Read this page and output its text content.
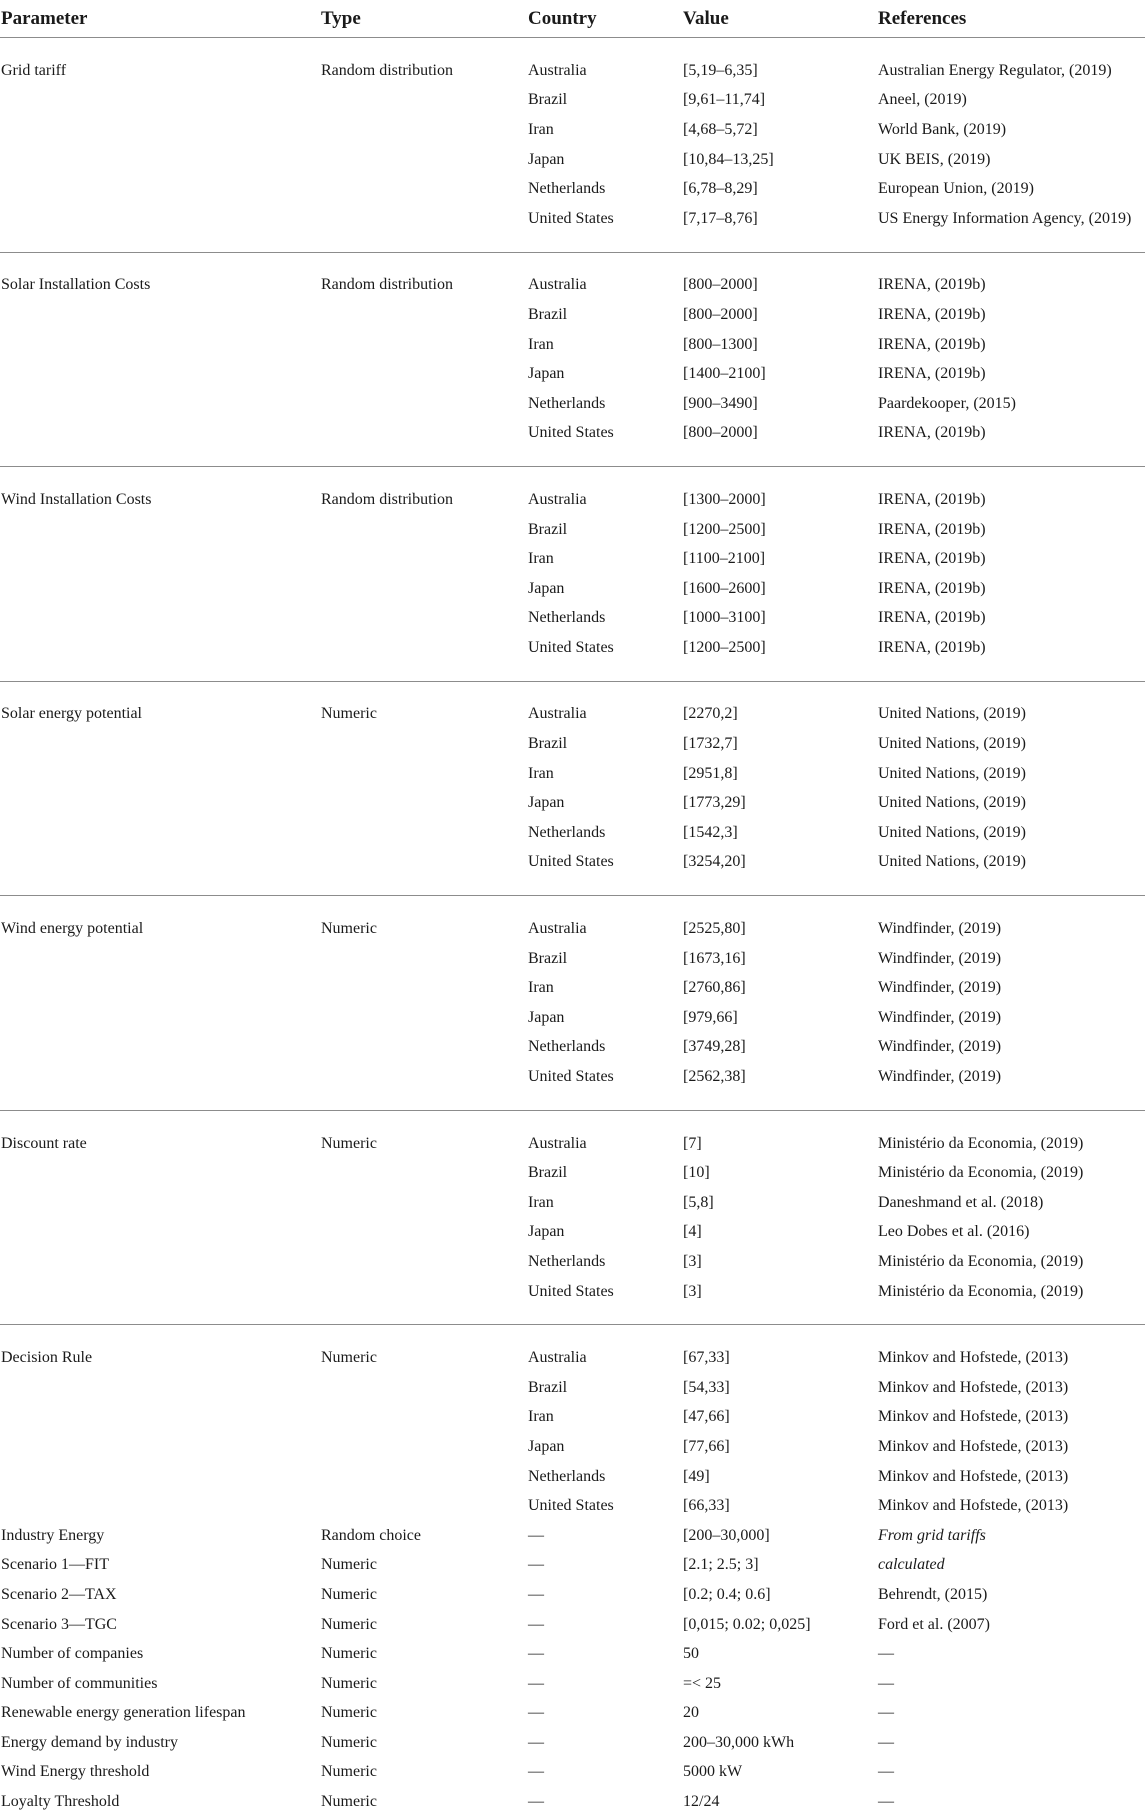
Parameter	Type	Country	Value	References
Grid tariff	Random distribution	Australia	[5,19–6,35]	Australian Energy Regulator, (2019)
		Brazil	[9,61–11,74]	Aneel, (2019)
		Iran	[4,68–5,72]	World Bank, (2019)
		Japan	[10,84–13,25]	UK BEIS, (2019)
		Netherlands	[6,78–8,29]	European Union, (2019)
		United States	[7,17–8,76]	US Energy Information Agency, (2019)
Solar Installation Costs	Random distribution	Australia	[800–2000]	IRENA, (2019b)
		Brazil	[800–2000]	IRENA, (2019b)
		Iran	[800–1300]	IRENA, (2019b)
		Japan	[1400–2100]	IRENA, (2019b)
		Netherlands	[900–3490]	Paardekooper, (2015)
		United States	[800–2000]	IRENA, (2019b)
Wind Installation Costs	Random distribution	Australia	[1300–2000]	IRENA, (2019b)
		Brazil	[1200–2500]	IRENA, (2019b)
		Iran	[1100–2100]	IRENA, (2019b)
		Japan	[1600–2600]	IRENA, (2019b)
		Netherlands	[1000–3100]	IRENA, (2019b)
		United States	[1200–2500]	IRENA, (2019b)
Solar energy potential	Numeric	Australia	[2270,2]	United Nations, (2019)
		Brazil	[1732,7]	United Nations, (2019)
		Iran	[2951,8]	United Nations, (2019)
		Japan	[1773,29]	United Nations, (2019)
		Netherlands	[1542,3]	United Nations, (2019)
		United States	[3254,20]	United Nations, (2019)
Wind energy potential	Numeric	Australia	[2525,80]	Windfinder, (2019)
		Brazil	[1673,16]	Windfinder, (2019)
		Iran	[2760,86]	Windfinder, (2019)
		Japan	[979,66]	Windfinder, (2019)
		Netherlands	[3749,28]	Windfinder, (2019)
		United States	[2562,38]	Windfinder, (2019)
Discount rate	Numeric	Australia	[7]	Ministério da Economia, (2019)
		Brazil	[10]	Ministério da Economia, (2019)
		Iran	[5,8]	Daneshmand et al. (2018)
		Japan	[4]	Leo Dobes et al. (2016)
		Netherlands	[3]	Ministério da Economia, (2019)
		United States	[3]	Ministério da Economia, (2019)
Decision Rule	Numeric	Australia	[67,33]	Minkov and Hofstede, (2013)
		Brazil	[54,33]	Minkov and Hofstede, (2013)
		Iran	[47,66]	Minkov and Hofstede, (2013)
		Japan	[77,66]	Minkov and Hofstede, (2013)
		Netherlands	[49]	Minkov and Hofstede, (2013)
		United States	[66,33]	Minkov and Hofstede, (2013)
Industry Energy	Random choice	—	[200–30,000]	From grid tariffs
Scenario 1—FIT	Numeric	—	[2.1; 2.5; 3]	calculated
Scenario 2—TAX	Numeric	—	[0.2; 0.4; 0.6]	Behrendt, (2015)
Scenario 3—TGC	Numeric	—	[0,015; 0.02; 0,025]	Ford et al. (2007)
Number of companies	Numeric	—	50	—
Number of communities	Numeric	—	=< 25	—
Renewable energy generation lifespan	Numeric	—	20	—
Energy demand by industry	Numeric	—	200–30,000 kWh	—
Wind Energy threshold	Numeric	—	5000 kW	—
Loyalty Threshold	Numeric	—	12/24	—
